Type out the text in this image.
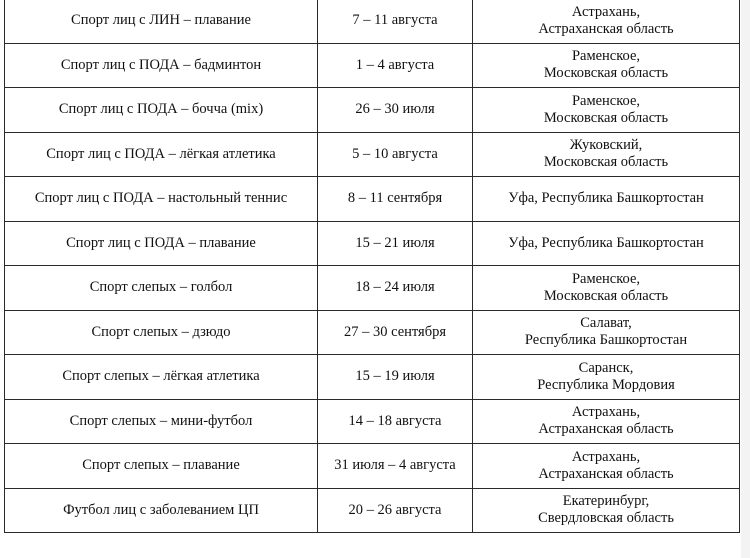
Спорт лиц с ЛИН – плавание	7 – 11 августа	Астрахань,
Астраханская область

Спорт лиц с ПОДА – бадминтон	1 – 4 августа	Раменское,
Московская область

Спорт лиц с ПОДА – бочча (mix)	26 – 30 июля	Раменское,
Московская область

Спорт лиц с ПОДА – лёгкая атлетика	5 – 10 августа	Жуковский,
Московская область

Спорт лиц с ПОДА – настольный теннис	8 – 11 сентября	Уфа, Республика Башкортостан

Спорт лиц с ПОДА – плавание	15 – 21 июля	Уфа, Республика Башкортостан

Спорт слепых – голбол	18 – 24 июля	Раменское,
Московская область

Спорт слепых – дзюдо	27 – 30 сентября	Салават,
Республика Башкортостан

Спорт слепых – лёгкая атлетика	15 – 19 июля	Саранск,
Республика Мордовия

Спорт слепых – мини-футбол	14 – 18 августа	Астрахань,
Астраханская область

Спорт слепых – плавание	31 июля – 4 августа	Астрахань,
Астраханская область

Футбол лиц с заболеванием ЦП	20 – 26 августа	Екатеринбург,
Свердловская область
